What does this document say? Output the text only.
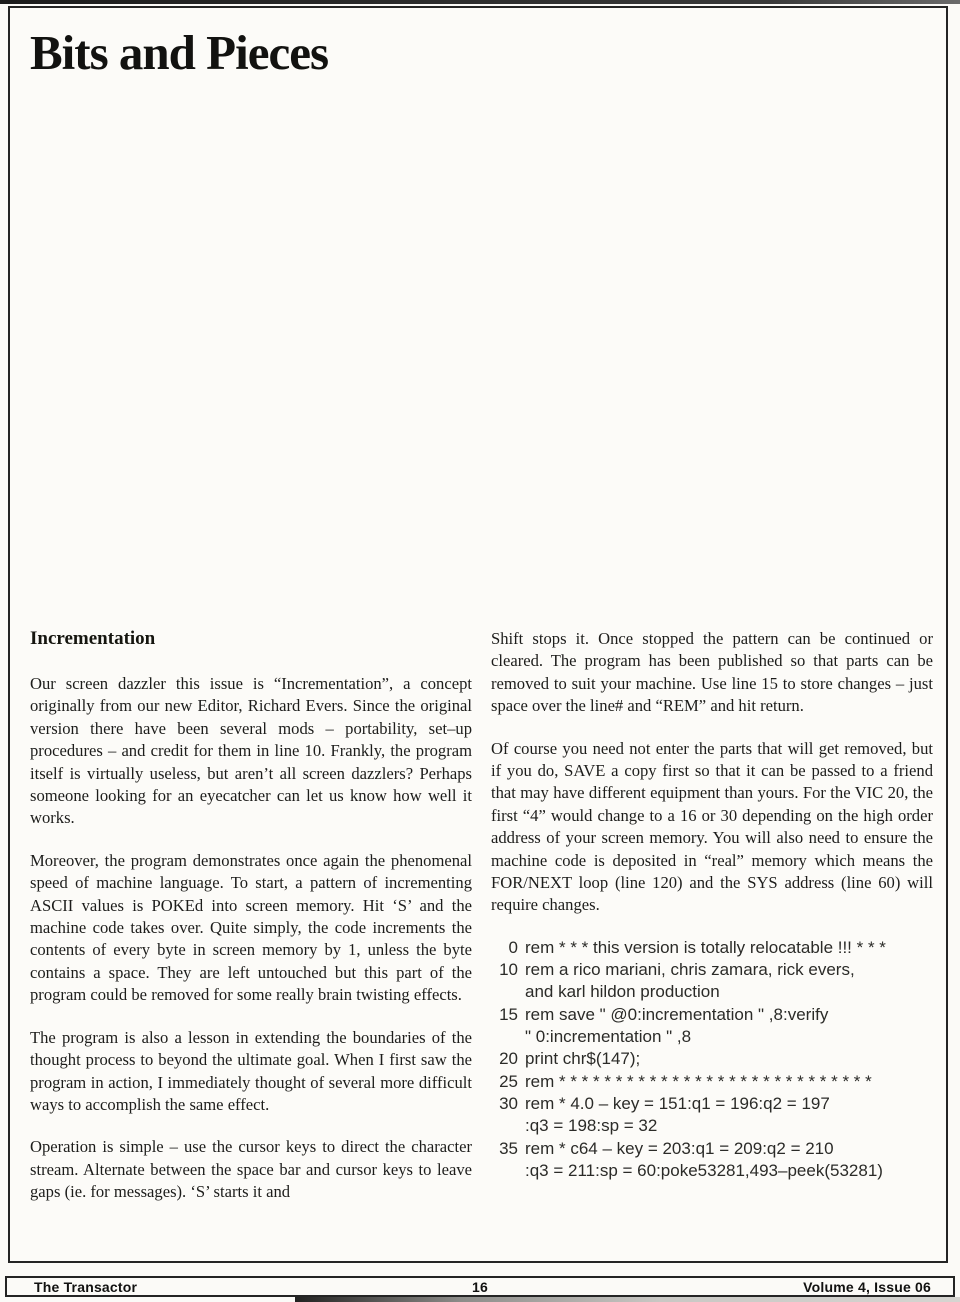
Bits and Pieces
Incrementation

Our screen dazzler this issue is “Incrementation”, a concept originally from our new Editor, Richard Evers. Since the original version there have been several mods – portability, set–up procedures – and credit for them in line 10. Frankly, the program itself is virtually useless, but aren’t all screen dazzlers? Perhaps someone looking for an eyecatcher can let us know how well it works.

Moreover, the program demonstrates once again the phenomenal speed of machine language. To start, a pattern of incrementing ASCII values is POKEd into screen memory. Hit ‘S’ and the machine code takes over. Quite simply, the code increments the contents of every byte in screen memory by 1, unless the byte contains a space. They are left untouched but this part of the program could be removed for some really brain twisting effects.

The program is also a lesson in extending the boundaries of the thought process to beyond the ultimate goal. When I first saw the program in action, I immediately thought of several more difficult ways to accomplish the same effect.

Operation is simple – use the cursor keys to direct the character stream. Alternate between the space bar and cursor keys to leave gaps (ie. for messages). ‘S’ starts it and

Shift stops it. Once stopped the pattern can be continued or cleared. The program has been published so that parts can be removed to suit your machine. Use line 15 to store changes – just space over the line# and “REM” and hit return.

Of course you need not enter the parts that will get removed, but if you do, SAVE a copy first so that it can be passed to a friend that may have different equipment than yours. For the VIC 20, the first “4” would change to a 16 or 30 depending on the high order address of your screen memory. You will also need to ensure the machine code is deposited in “real” memory which means the FOR/NEXT loop (line 120) and the SYS address (line 60) will require changes.

0 rem * * * this version is totally relocatable !!! * * *
10 rem a rico mariani, chris zamara, rick evers,
and karl hildon production
15 rem save " @0:incrementation " ,8:verify
" 0:incrementation " ,8
20 print chr$(147);
25 rem * * * * * * * * * * * * * * * * * * * * * * * * * * * *
30 rem * 4.0 – key = 151:q1 = 196:q2 = 197
:q3 = 198:sp = 32
35 rem * c64 – key = 203:q1 = 209:q2 = 210
:q3 = 211:sp = 60:poke53281,493–peek(53281)
The Transactor	16	Volume 4, Issue 06
